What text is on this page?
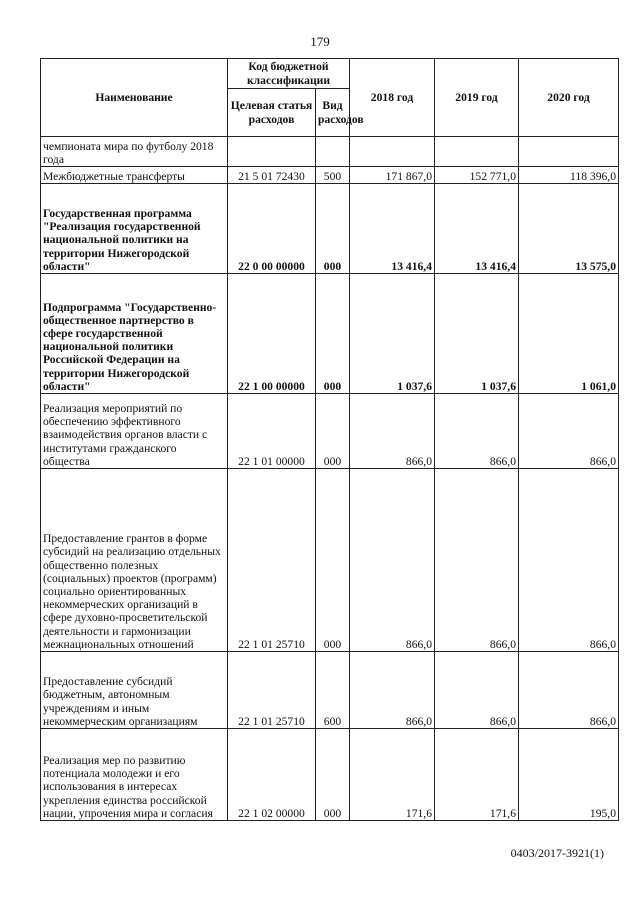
179
Наименование	Код бюджетной классификации		2018 год	2019 год	2020 год
	Целевая статья расходов	Вид расходов			
чемпионата мира по футболу 2018 года					
Межбюджетные трансферты	21 5 01 72430	500	171 867,0	152 771,0	118 396,0
Государственная программа "Реализация государственной национальной политики на территории Нижегородской области"	22 0 00 00000	000	13 416,4	13 416,4	13 575,0
Подпрограмма "Государственно-общественное партнерство в сфере государственной национальной политики Российской Федерации на территории Нижегородской области"	22 1 00 00000	000	1 037,6	1 037,6	1 061,0
Реализация мероприятий по обеспечению эффективного взаимодействия органов власти с институтами гражданского общества	22 1 01 00000	000	866,0	866,0	866,0
Предоставление грантов в форме субсидий на реализацию отдельных общественно полезных (социальных) проектов (программ) социально ориентированных некоммерческих организаций в сфере духовно-просветительской деятельности и гармонизации межнациональных отношений	22 1 01 25710	000	866,0	866,0	866,0
Предоставление субсидий бюджетным, автономным учреждениям и иным некоммерческим организациям	22 1 01 25710	600	866,0	866,0	866,0
Реализация мер по развитию потенциала молодежи и его использования в интересах укрепления единства российской нации, упрочения мира и согласия	22 1 02 00000	000	171,6	171,6	195,0
0403/2017-3921(1)
